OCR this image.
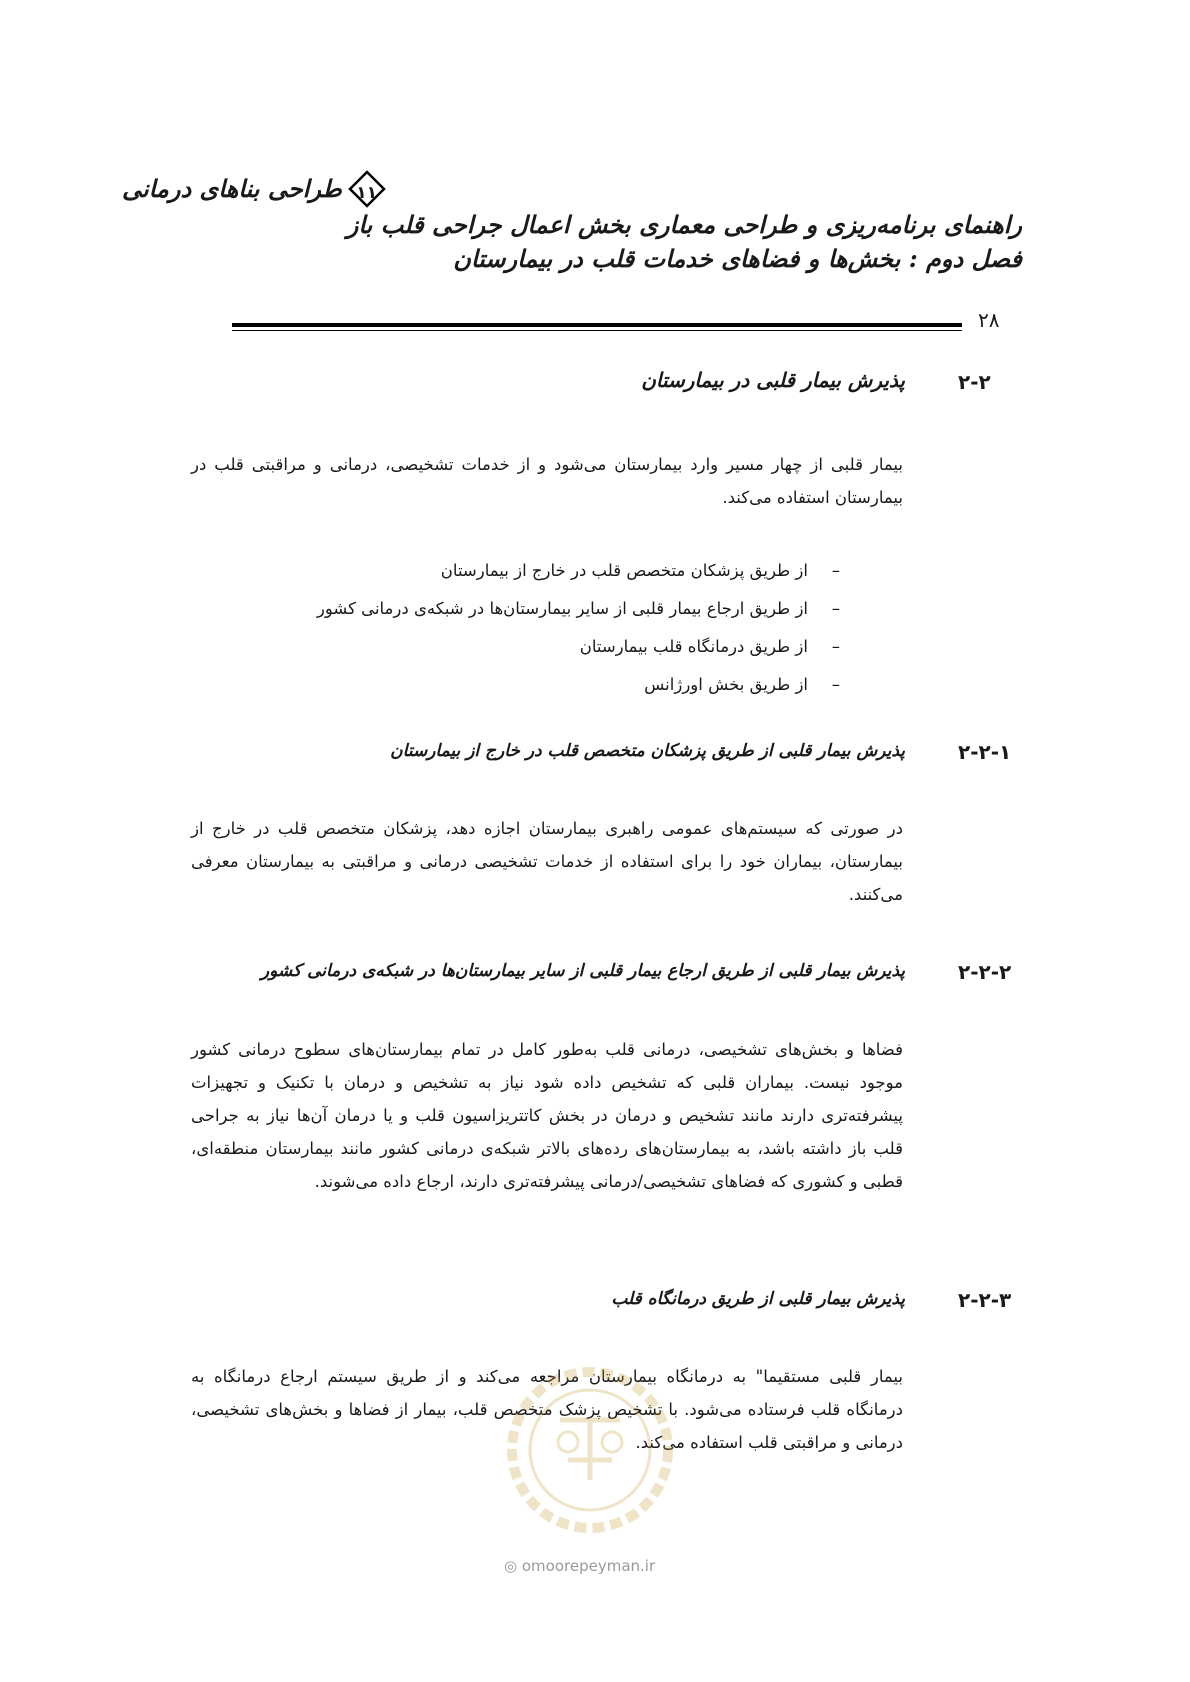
طراحی بناهای درمانی ۱۱
راهنمای برنامه‌ریزی و طراحی معماری بخش اعمال جراحی قلب باز
فصل دوم : بخش‌ها و فضاهای خدمات قلب در بیمارستان
۲۸
۲-۲
پذیرش بیمار قلبی در بیمارستان
بیمار قلبی از چهار مسیر وارد بیمارستان می‌شود و از خدمات تشخیصی، درمانی و مراقبتی قلب در بیمارستان استفاده می‌کند.
– از طریق پزشکان متخصص قلب در خارج از بیمارستان
– از طریق ارجاع بیمار قلبی از سایر بیمارستان‌ها در شبکه‌ی درمانی کشور
– از طریق درمانگاه قلب بیمارستان
– از طریق بخش اورژانس
۲-۲-۱
پذیرش بیمار قلبی از طریق پزشکان متخصص قلب در خارج از بیمارستان
در صورتی که سیستم‌های عمومی راهبری بیمارستان اجازه دهد، پزشکان متخصص قلب در خارج از بیمارستان، بیماران خود را برای استفاده از خدمات تشخیصی درمانی و مراقبتی به بیمارستان معرفی می‌کنند.
۲-۲-۲
پذیرش بیمار قلبی از طریق ارجاع بیمار قلبی از سایر بیمارستان‌ها در شبکه‌ی درمانی کشور
فضاها و بخش‌های تشخیصی، درمانی قلب به‌طور کامل در تمام بیمارستان‌های سطوح درمانی کشور موجود نیست. بیماران قلبی که تشخیص داده شود نیاز به تشخیص و درمان با تکنیک و تجهیزات پیشرفته‌تری دارند مانند تشخیص و درمان در بخش کاتتریزاسیون قلب و یا درمان آن‌ها نیاز به جراحی قلب باز داشته باشد، به بیمارستان‌های رده‌های بالاتر شبکه‌ی درمانی کشور مانند بیمارستان منطقه‌ای، قطبی و کشوری که فضاهای تشخیصی/درمانی پیشرفته‌تری دارند، ارجاع داده می‌شوند.
۲-۲-۳
پذیرش بیمار قلبی از طریق درمانگاه قلب
بیمار قلبی مستقیما" به درمانگاه بیمارستان مراجعه می‌کند و از طریق سیستم ارجاع درمانگاه به درمانگاه قلب فرستاده می‌شود. با تشخیص پزشک متخصص قلب، بیمار از فضاها و بخش‌های تشخیصی، درمانی و مراقبتی قلب استفاده می‌کند.
◎ omoorepeyman.ir
